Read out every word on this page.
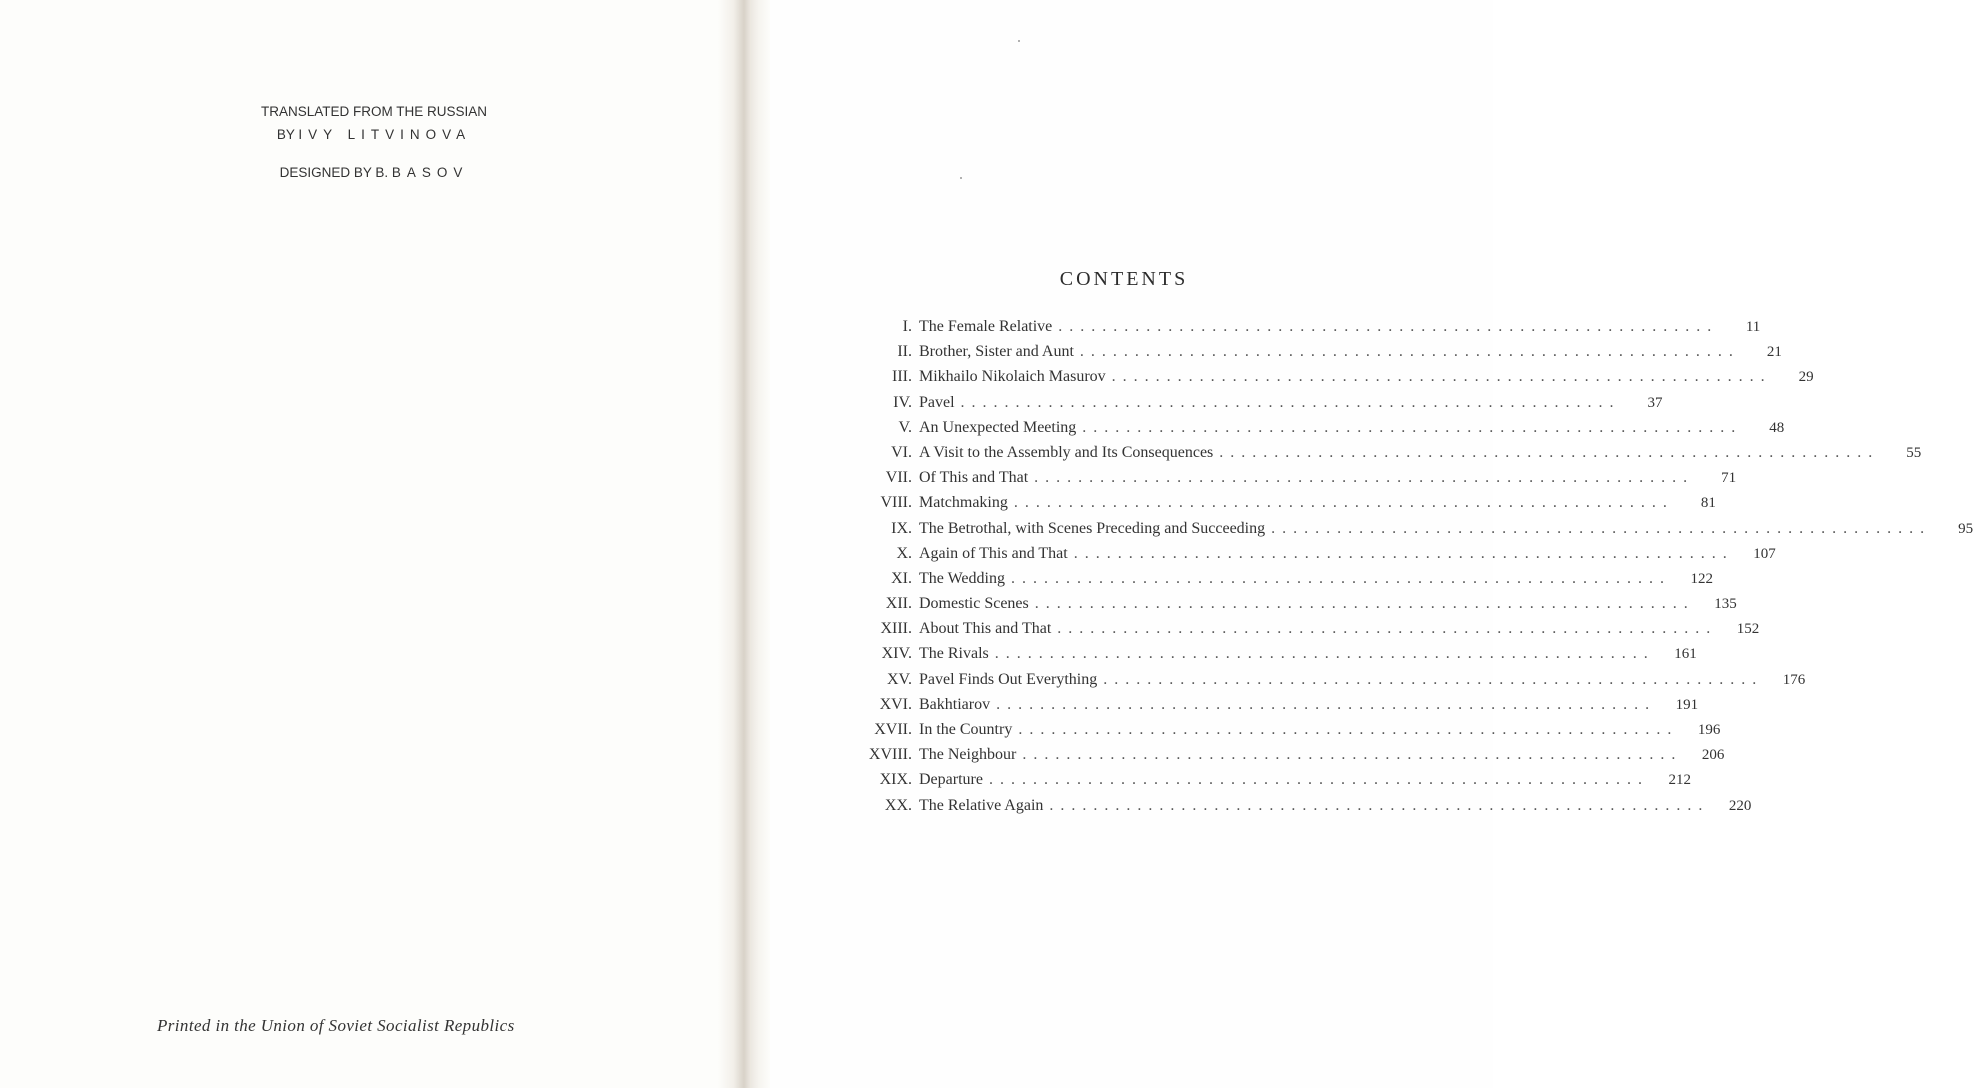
TRANSLATED FROM THE RUSSIAN
BY IVY LITVINOVA
DESIGNED BY B. BASOV
Printed in the Union of Soviet Socialist Republics
CONTENTS
I. The Female Relative ............................................................	11
II. Brother, Sister and Aunt ............................................................	21
III. Mikhailo Nikolaich Masurov ............................................................	29
IV. Pavel ............................................................	37
V. An Unexpected Meeting ............................................................	48
VI. A Visit to the Assembly and Its Consequences ............................................................	55
VII. Of This and That ............................................................	71
VIII. Matchmaking ............................................................	81
IX. The Betrothal, with Scenes Preceding and Succeeding ............................................................	95
X. Again of This and That ............................................................	107
XI. The Wedding ............................................................	122
XII. Domestic Scenes ............................................................	135
XIII. About This and That ............................................................	152
XIV. The Rivals ............................................................	161
XV. Pavel Finds Out Everything ............................................................	176
XVI. Bakhtiarov ............................................................	191
XVII. In the Country ............................................................	196
XVIII. The Neighbour ............................................................	206
XIX. Departure ............................................................	212
XX. The Relative Again ............................................................	220
